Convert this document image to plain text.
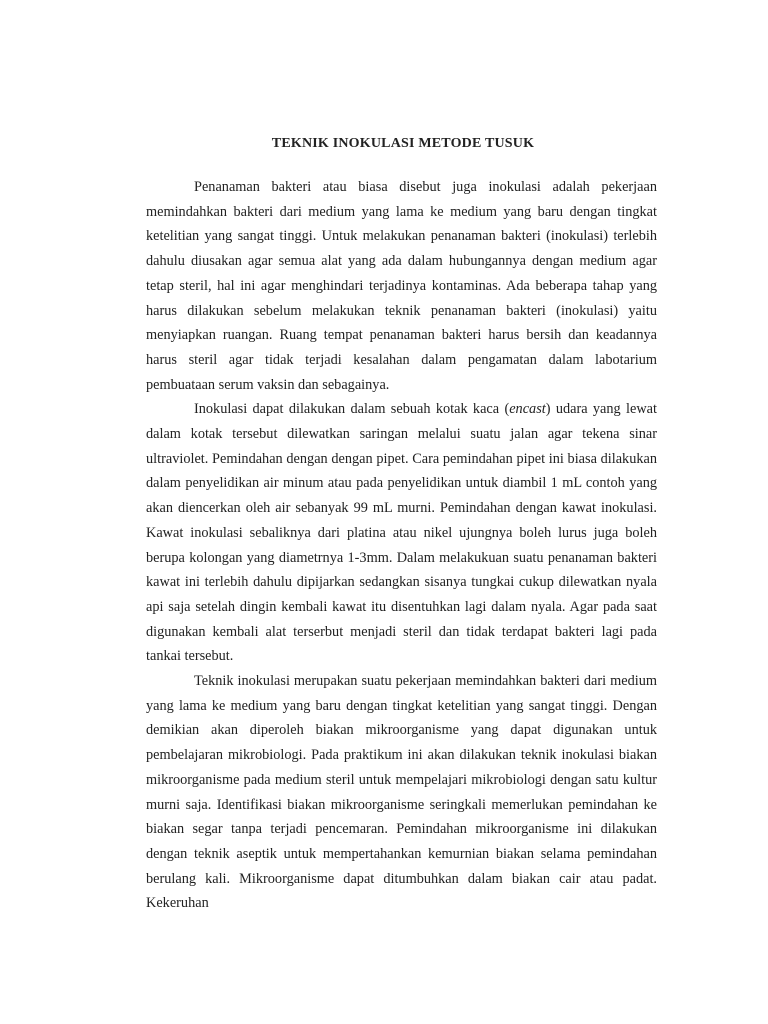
TEKNIK INOKULASI METODE TUSUK

Penanaman bakteri atau biasa disebut juga inokulasi adalah pekerjaan memindahkan bakteri dari medium yang lama ke medium yang baru dengan tingkat ketelitian yang sangat tinggi. Untuk melakukan penanaman bakteri (inokulasi) terlebih dahulu diusakan agar semua alat yang ada dalam hubungannya dengan medium agar tetap steril, hal ini agar menghindari terjadinya kontaminas. Ada beberapa tahap yang harus dilakukan sebelum melakukan teknik penanaman bakteri (inokulasi) yaitu menyiapkan ruangan. Ruang tempat penanaman bakteri harus bersih dan keadannya harus steril agar tidak terjadi kesalahan dalam pengamatan dalam labotarium pembuataan serum vaksin dan sebagainya.

Inokulasi dapat dilakukan dalam sebuah kotak kaca (encast) udara yang lewat dalam kotak tersebut dilewatkan saringan melalui suatu jalan agar tekena sinar ultraviolet. Pemindahan dengan dengan pipet. Cara pemindahan pipet ini biasa dilakukan dalam penyelidikan air minum atau pada penyelidikan untuk diambil 1 mL contoh yang akan diencerkan oleh air sebanyak 99 mL murni. Pemindahan dengan kawat inokulasi. Kawat inokulasi sebaliknya dari platina atau nikel ujungnya boleh lurus juga boleh berupa kolongan yang diametrnya 1-3mm. Dalam melakukuan suatu penanaman bakteri kawat ini terlebih dahulu dipijarkan sedangkan sisanya tungkai cukup dilewatkan nyala api saja setelah dingin kembali kawat itu disentuhkan lagi dalam nyala. Agar pada saat digunakan kembali alat terserbut menjadi steril dan tidak terdapat bakteri lagi pada tankai tersebut.

Teknik inokulasi merupakan suatu pekerjaan memindahkan bakteri dari medium yang lama ke medium yang baru dengan tingkat ketelitian yang sangat tinggi. Dengan demikian akan diperoleh biakan mikroorganisme yang dapat digunakan untuk pembelajaran mikrobiologi. Pada praktikum ini akan dilakukan teknik inokulasi biakan mikroorganisme pada medium steril untuk mempelajari mikrobiologi dengan satu kultur murni saja. Identifikasi biakan mikroorganisme seringkali memerlukan pemindahan ke biakan segar tanpa terjadi pencemaran. Pemindahan mikroorganisme ini dilakukan dengan teknik aseptik untuk mempertahankan kemurnian biakan selama pemindahan berulang kali. Mikroorganisme dapat ditumbuhkan dalam biakan cair atau padat. Kekeruhan
